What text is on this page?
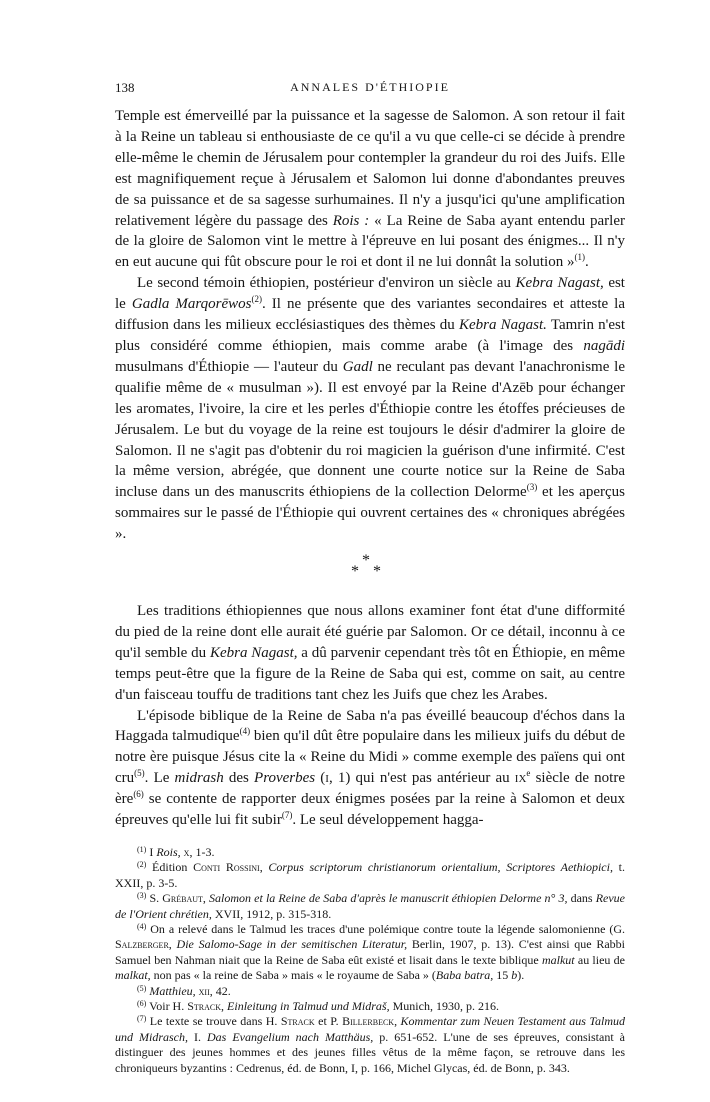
138	ANNALES D'ÉTHIOPIE

Temple est émerveillé par la puissance et la sagesse de Salomon. A son retour il fait à la Reine un tableau si enthousiaste de ce qu'il a vu que celle-ci se décide à prendre elle-même le chemin de Jérusalem pour contempler la grandeur du roi des Juifs. Elle est magnifiquement reçue à Jérusalem et Salomon lui donne d'abondantes preuves de sa puissance et de sa sagesse surhumaines. Il n'y a jusqu'ici qu'une amplification relativement légère du passage des Rois : « La Reine de Saba ayant entendu parler de la gloire de Salomon vint le mettre à l'épreuve en lui posant des énigmes... Il n'y en eut aucune qui fût obscure pour le roi et dont il ne lui donnât la solution »$^{(1)}$.

Le second témoin éthiopien, postérieur d'environ un siècle au Kebra Nagast, est le Gadla Marqorēwos$^{(2)}$. Il ne présente que des variantes secondaires et atteste la diffusion dans les milieux ecclésiastiques des thèmes du Kebra Nagast. Tamrin n'est plus considéré comme éthiopien, mais comme arabe (à l'image des nagādi musulmans d'Éthiopie — l'auteur du Gadl ne reculant pas devant l'anachronisme le qualifie même de « musulman »). Il est envoyé par la Reine d'Azēb pour échanger les aromates, l'ivoire, la cire et les perles d'Éthiopie contre les étoffes précieuses de Jérusalem. Le but du voyage de la reine est toujours le désir d'admirer la gloire de Salomon. Il ne s'agit pas d'obtenir du roi magicien la guérison d'une infirmité. C'est la même version, abrégée, que donnent une courte notice sur la Reine de Saba incluse dans un des manuscrits éthiopiens de la collection Delorme$^{(3)}$ et les aperçus sommaires sur le passé de l'Éthiopie qui ouvrent certaines des « chroniques abrégées ».

*
* *

Les traditions éthiopiennes que nous allons examiner font état d'une difformité du pied de la reine dont elle aurait été guérie par Salomon. Or ce détail, inconnu à ce qu'il semble du Kebra Nagast, a dû parvenir cependant très tôt en Éthiopie, en même temps peut-être que la figure de la Reine de Saba qui est, comme on sait, au centre d'un faisceau touffu de traditions tant chez les Juifs que chez les Arabes.

L'épisode biblique de la Reine de Saba n'a pas éveillé beaucoup d'échos dans la Haggada talmudique$^{(4)}$ bien qu'il dût être populaire dans les milieux juifs du début de notre ère puisque Jésus cite la « Reine du Midi » comme exemple des païens qui ont cru$^{(5)}$. Le midrash des Proverbes (i, 1) qui n'est pas antérieur au $ix^e$ siècle de notre ère$^{(6)}$ se contente de rapporter deux énigmes posées par la reine à Salomon et deux épreuves qu'elle lui fit subir$^{(7)}$. Le seul développement hagga-

$^{(1)}$ I Rois, x, 1-3.

$^{(2)}$ Édition Conti Rossini, Corpus scriptorum christianorum orientalium, Scriptores Aethiopici, t. XXII, p. 3-5.

$^{(3)}$ S. Grébaut, Salomon et la Reine de Saba d'après le manuscrit éthiopien Delorme n° 3, dans Revue de l'Orient chrétien, XVII, 1912, p. 315-318.

$^{(4)}$ On a relevé dans le Talmud les traces d'une polémique contre toute la légende salomonienne (G. Salzberger, Die Salomo-Sage in der semitischen Literatur, Berlin, 1907, p. 13). C'est ainsi que Rabbi Samuel ben Nahman niait que la Reine de Saba eût existé et lisait dans le texte biblique malkut au lieu de malkat, non pas « la reine de Saba » mais « le royaume de Saba » (Baba batra, 15 b).

$^{(5)}$ Matthieu, xii, 42.

$^{(6)}$ Voir H. Strack, Einleitung in Talmud und Midraš, Munich, 1930, p. 216.

$^{(7)}$ Le texte se trouve dans H. Strack et P. Billerbeck, Kommentar zum Neuen Testament aus Talmud und Midrasch, I. Das Evangelium nach Matthäus, p. 651-652. L'une de ses épreuves, consistant à distinguer des jeunes hommes et des jeunes filles vêtus de la même façon, se retrouve dans les chroniqueurs byzantins : Cedrenus, éd. de Bonn, I, p. 166, Michel Glycas, éd. de Bonn, p. 343.
